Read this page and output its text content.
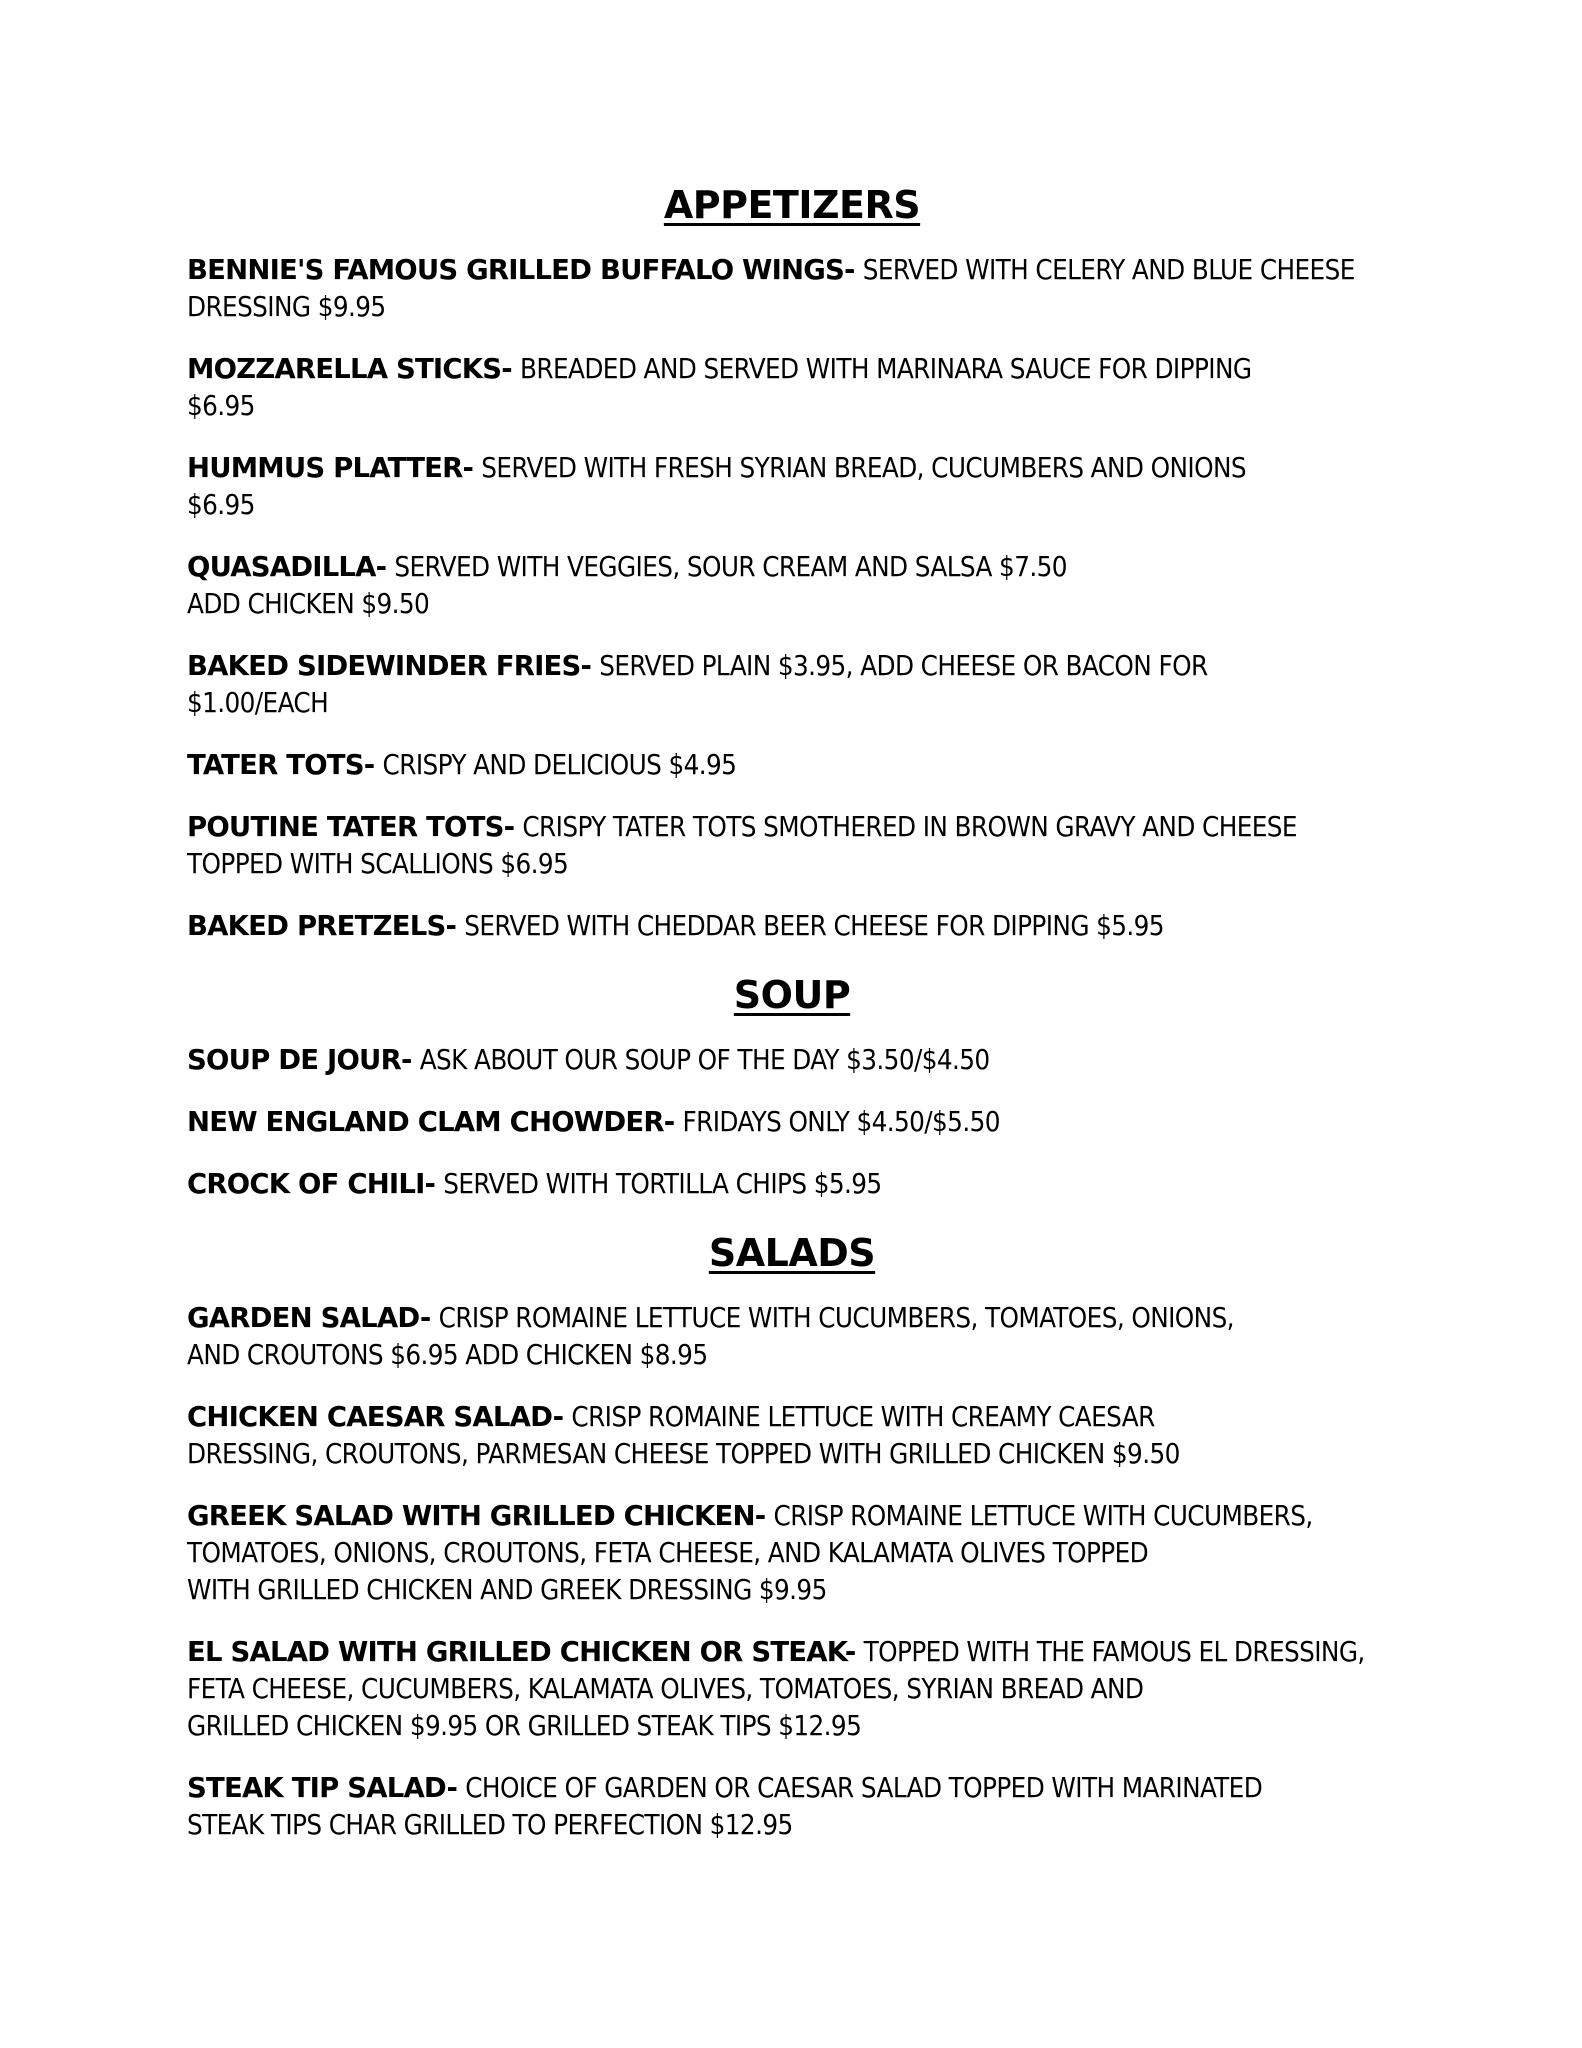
APPETIZERS
BENNIE'S FAMOUS GRILLED BUFFALO WINGS- SERVED WITH CELERY AND BLUE CHEESE
DRESSING $9.95
MOZZARELLA STICKS- BREADED AND SERVED WITH MARINARA SAUCE FOR DIPPING
$6.95
HUMMUS PLATTER- SERVED WITH FRESH SYRIAN BREAD, CUCUMBERS AND ONIONS
$6.95
QUASADILLA- SERVED WITH VEGGIES, SOUR CREAM AND SALSA $7.50
ADD CHICKEN $9.50
BAKED SIDEWINDER FRIES- SERVED PLAIN $3.95, ADD CHEESE OR BACON FOR
$1.00/EACH
TATER TOTS- CRISPY AND DELICIOUS $4.95
POUTINE TATER TOTS- CRISPY TATER TOTS SMOTHERED IN BROWN GRAVY AND CHEESE
TOPPED WITH SCALLIONS $6.95
BAKED PRETZELS- SERVED WITH CHEDDAR BEER CHEESE FOR DIPPING $5.95
SOUP
SOUP DE JOUR- ASK ABOUT OUR SOUP OF THE DAY $3.50/$4.50
NEW ENGLAND CLAM CHOWDER- FRIDAYS ONLY $4.50/$5.50
CROCK OF CHILI- SERVED WITH TORTILLA CHIPS $5.95
SALADS
GARDEN SALAD- CRISP ROMAINE LETTUCE WITH CUCUMBERS, TOMATOES, ONIONS,
AND CROUTONS $6.95 ADD CHICKEN $8.95
CHICKEN CAESAR SALAD- CRISP ROMAINE LETTUCE WITH CREAMY CAESAR
DRESSING, CROUTONS, PARMESAN CHEESE TOPPED WITH GRILLED CHICKEN $9.50
GREEK SALAD WITH GRILLED CHICKEN- CRISP ROMAINE LETTUCE WITH CUCUMBERS,
TOMATOES, ONIONS, CROUTONS, FETA CHEESE, AND KALAMATA OLIVES TOPPED
WITH GRILLED CHICKEN AND GREEK DRESSING $9.95
EL SALAD WITH GRILLED CHICKEN OR STEAK- TOPPED WITH THE FAMOUS EL DRESSING,
FETA CHEESE, CUCUMBERS, KALAMATA OLIVES, TOMATOES, SYRIAN BREAD AND
GRILLED CHICKEN $9.95 OR GRILLED STEAK TIPS $12.95
STEAK TIP SALAD- CHOICE OF GARDEN OR CAESAR SALAD TOPPED WITH MARINATED
STEAK TIPS CHAR GRILLED TO PERFECTION $12.95
